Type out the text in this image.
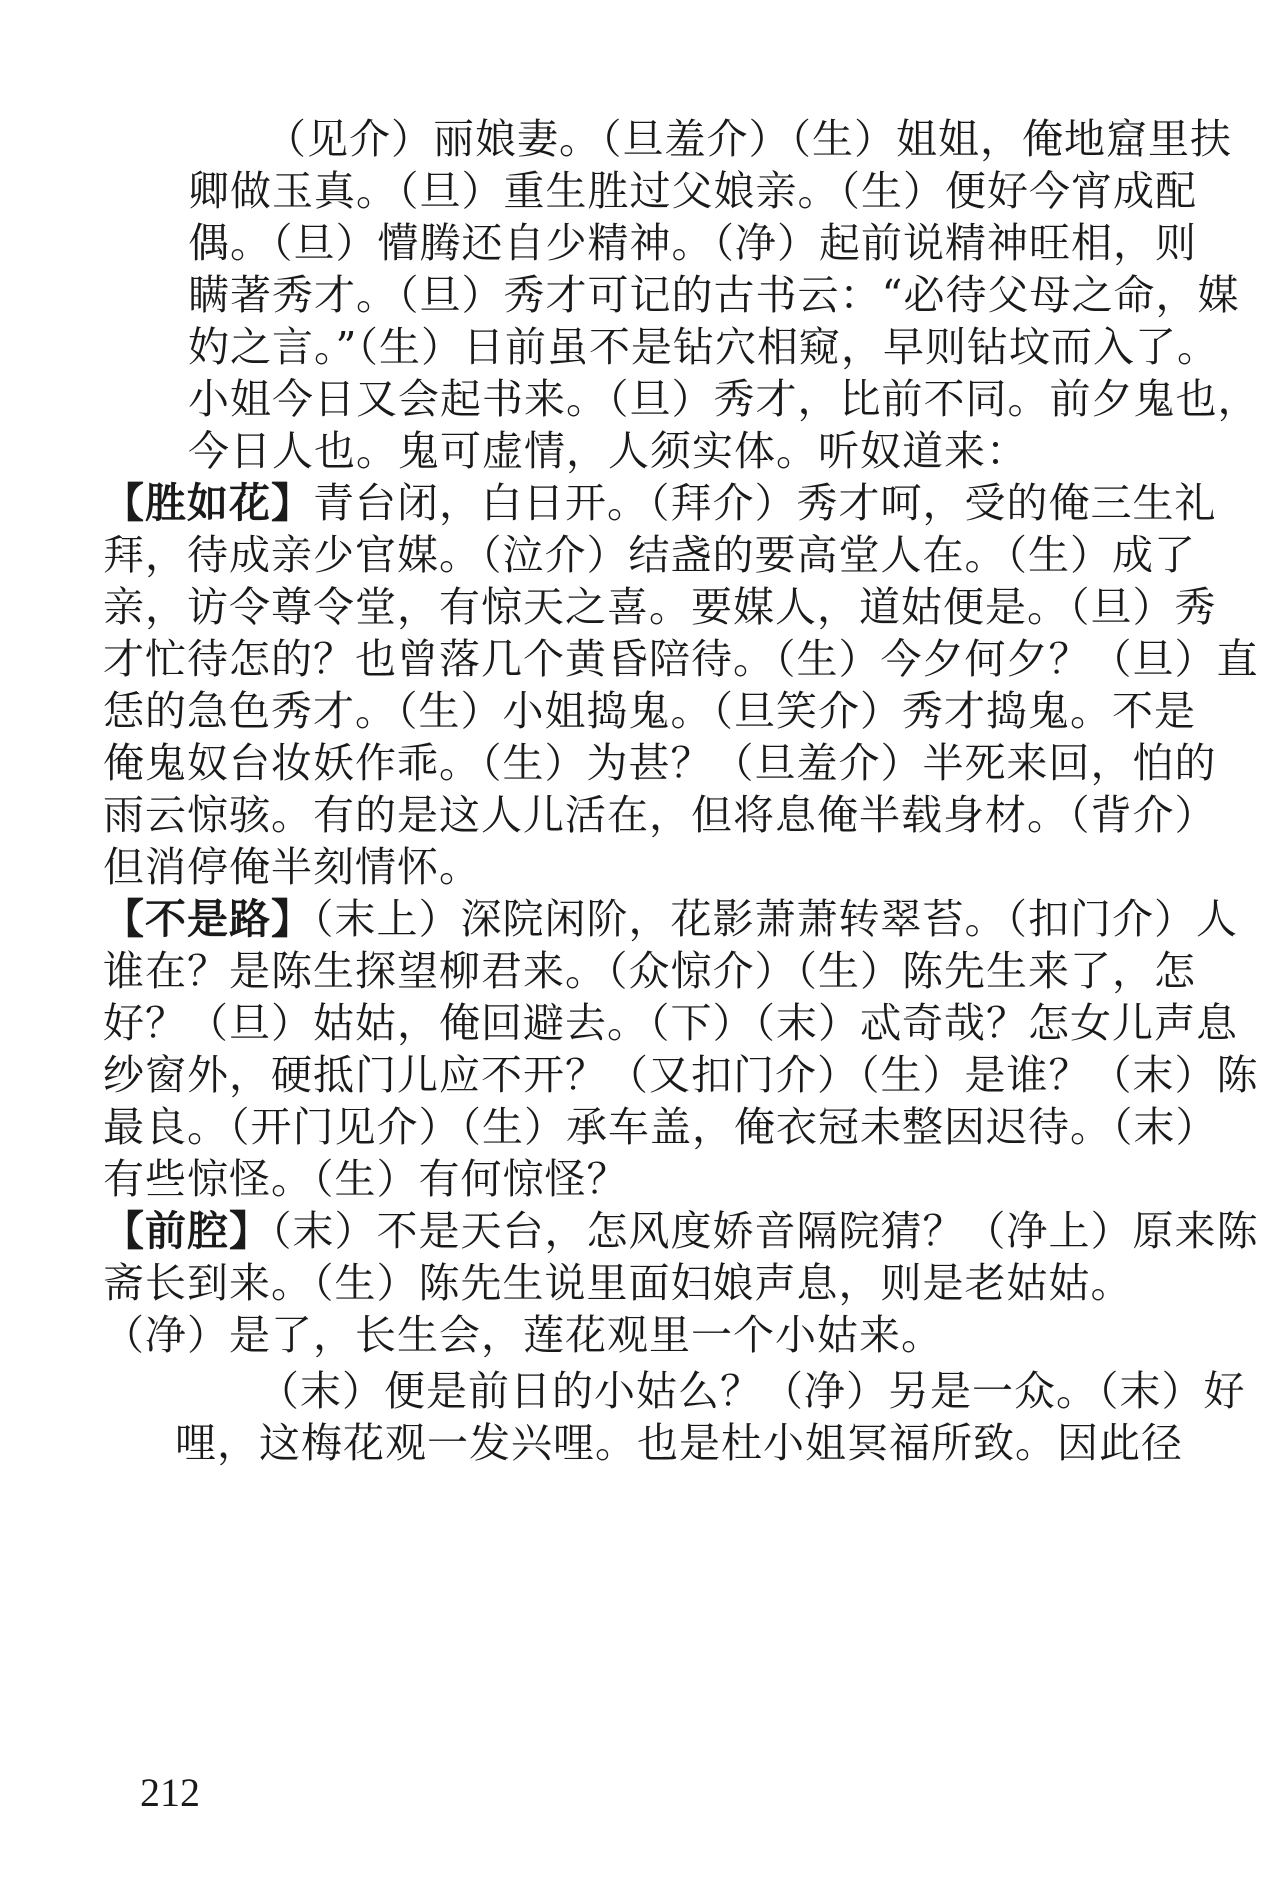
（见介）丽娘妻。（旦羞介）（生）姐姐，俺地窟里扶
卿做玉真。（旦）重生胜过父娘亲。（生）便好今宵成配
偶。（旦）懵腾还自少精神。（净）起前说精神旺相，则
瞒著秀才。（旦）秀才可记的古书云：“必待父母之命，媒
妁之言。”（生）日前虽不是钻穴相窥，早则钻坟而入了。
小姐今日又会起书来。（旦）秀才，比前不同。前夕鬼也，
今日人也。鬼可虚情，人须实体。听奴道来：
【胜如花】青台闭，白日开。（拜介）秀才呵，受的俺三生礼
拜，待成亲少官媒。（泣介）结盏的要高堂人在。（生）成了
亲，访令尊令堂，有惊天之喜。要媒人，道姑便是。（旦）秀
才忙待怎的？也曾落几个黄昏陪待。（生）今夕何夕？（旦）直
恁的急色秀才。（生）小姐捣鬼。（旦笑介）秀才捣鬼。不是
俺鬼奴台妆妖作乖。（生）为甚？（旦羞介）半死来回，怕的
雨云惊骇。有的是这人儿活在，但将息俺半载身材。（背介）
但消停俺半刻情怀。
【不是路】（末上）深院闲阶，花影萧萧转翠苔。（扣门介）人
谁在？是陈生探望柳君来。（众惊介）（生）陈先生来了，怎
好？（旦）姑姑，俺回避去。（下）（末）忒奇哉？怎女儿声息
纱窗外，硬抵门儿应不开？（又扣门介）（生）是谁？（末）陈
最良。（开门见介）（生）承车盖，俺衣冠未整因迟待。（末）
有些惊怪。（生）有何惊怪？
【前腔】（末）不是天台，怎风度娇音隔院猜？（净上）原来陈
斋长到来。（生）陈先生说里面妇娘声息，则是老姑姑。
（净）是了，长生会，莲花观里一个小姑来。
（末）便是前日的小姑么？（净）另是一众。（末）好
哩，这梅花观一发兴哩。也是杜小姐冥福所致。因此径
212
